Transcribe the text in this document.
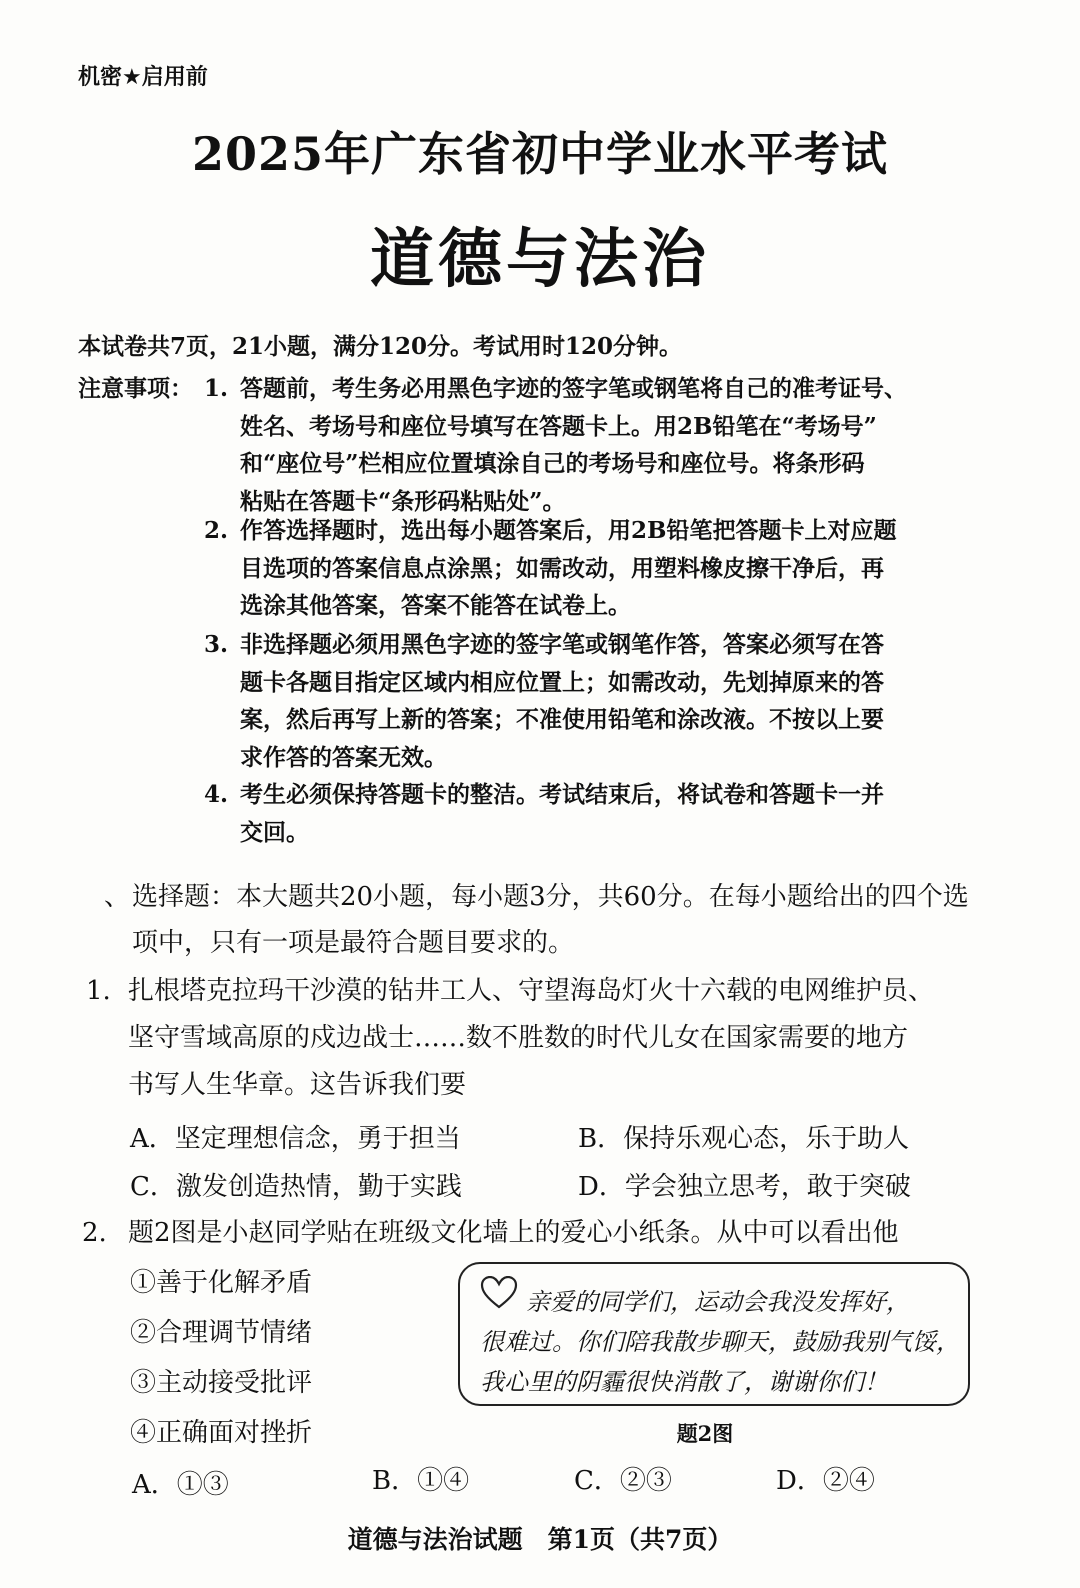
机密★启用前
2025年广东省初中学业水平考试
道德与法治
本试卷共7页，21小题，满分120分。考试用时120分钟。
注意事项： 1. 答题前，考生务必用黑色字迹的签字笔或钢笔将自己的准考证号、
姓名、考场号和座位号填写在答题卡上。用2B铅笔在“考场号”
和“座位号”栏相应位置填涂自己的考场号和座位号。将条形码
粘贴在答题卡“条形码粘贴处”。
2. 作答选择题时，选出每小题答案后，用2B铅笔把答题卡上对应题
目选项的答案信息点涂黑；如需改动，用塑料橡皮擦干净后，再
选涂其他答案，答案不能答在试卷上。
3. 非选择题必须用黑色字迹的签字笔或钢笔作答，答案必须写在答
题卡各题目指定区域内相应位置上；如需改动，先划掉原来的答
案，然后再写上新的答案；不准使用铅笔和涂改液。不按以上要
求作答的答案无效。
4. 考生必须保持答题卡的整洁。考试结束后，将试卷和答题卡一并
交回。
、 选择题：本大题共20小题，每小题3分，共60分。在每小题给出的四个选
项中，只有一项是最符合题目要求的。
1. 扎根塔克拉玛干沙漠的钻井工人、守望海岛灯火十六载的电网维护员、
坚守雪域高原的戍边战士……数不胜数的时代儿女在国家需要的地方
书写人生华章。这告诉我们要
A．坚定理想信念，勇于担当	B．保持乐观心态，乐于助人
C．激发创造热情，勤于实践	D．学会独立思考，敢于突破
2. 题2图是小赵同学贴在班级文化墙上的爱心小纸条。从中可以看出他
①善于化解矛盾
②合理调节情绪
③主动接受批评
④正确面对挫折
亲爱的同学们，运动会我没发挥好，
很难过。你们陪我散步聊天，鼓励我别气馁，
我心里的阴霾很快消散了，谢谢你们！
题2图
A．①③	B．①④	C．②③	D．②④
道德与法治试题　第1页（共7页）
